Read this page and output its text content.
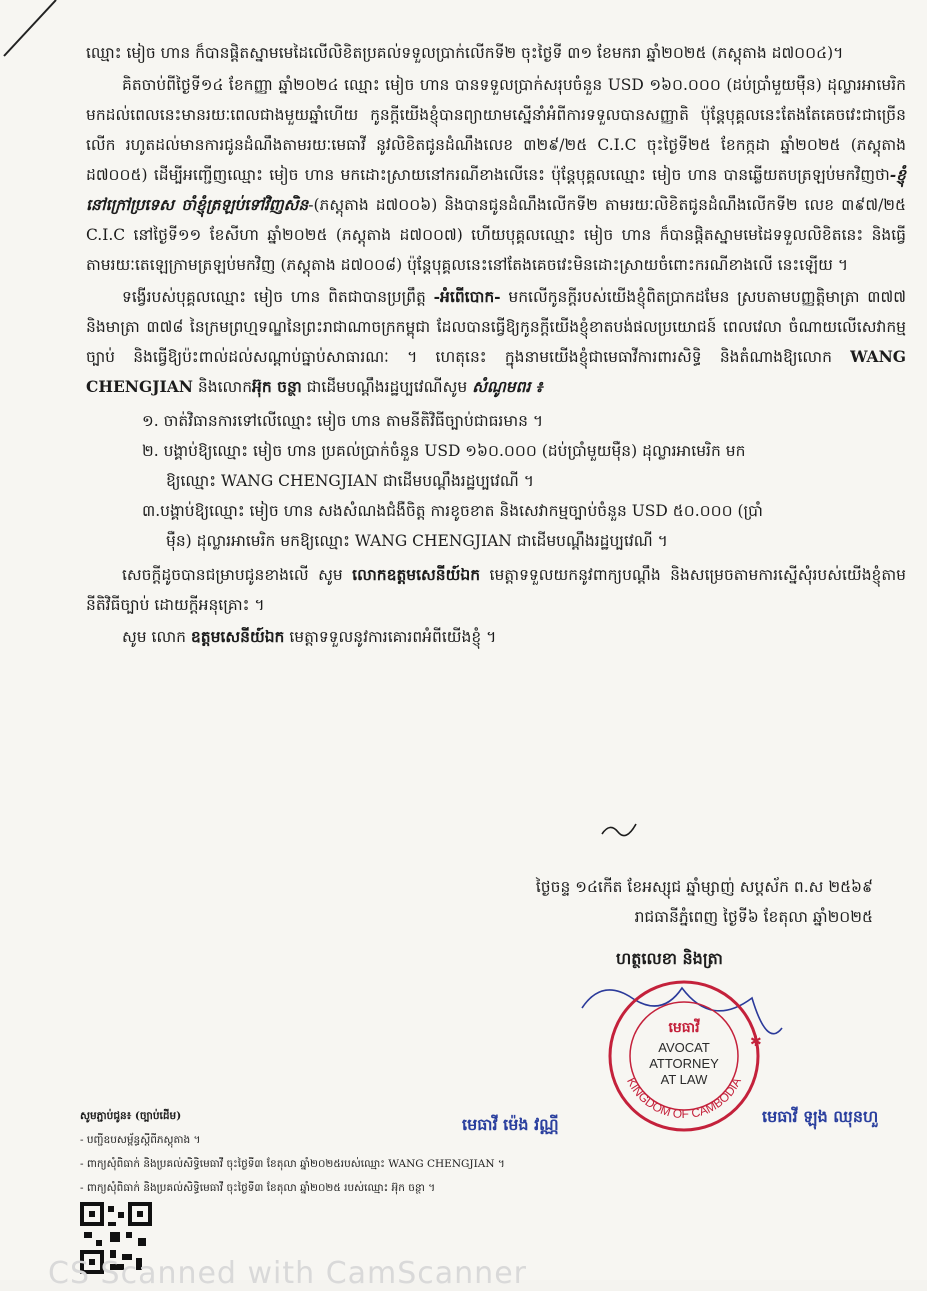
ឈ្មោះ មៀច ហាន ក៏បានផ្តិតស្នាមមេដៃលើលិខិតប្រគល់ទទួលប្រាក់លើកទី២ ចុះថ្ងៃទី ៣១ ខែមករា ឆ្នាំ២០២៥ (ភស្តុតាង ដ៧០០៤)។

គិតចាប់ពីថ្ងៃទី១៤ ខែកញ្ញា ឆ្នាំ២០២៤ ឈ្មោះ មៀច ហាន បានទទួលប្រាក់សរុបចំនួន USD ១៦០.០០០ (ដប់ប្រាំមួយម៉ឺន) ដុល្លារអាមេរិក មកដល់ពេលនេះមានរយៈពេលជាងមួយឆ្នាំហើយ កូនក្តីយើងខ្ញុំបានព្យាយាមស្នើនាំអំពីការទទួលបានសញ្ញាតិ ប៉ុន្តែបុគ្គលនេះតែងតែគេចវេះជាច្រើនលើក រហូតដល់មានការជូនដំណឹងតាមរយៈមេធាវី នូវលិខិតជូនដំណឹងលេខ ៣២៩/២៥ C.I.C ចុះថ្ងៃទី២៥ ខែកក្កដា ឆ្នាំ២០២៥ (ភស្តុតាង ដ៧០០៥) ដើម្បីអញ្ជើញឈ្មោះ មៀច ហាន មកដោះស្រាយនៅករណីខាងលើនេះ ប៉ុន្តែបុគ្គលឈ្មោះ មៀច ហាន បានឆ្លើយតបត្រឡប់មកវិញថា-ខ្ញុំនៅក្រៅប្រទេស ចាំខ្ញុំត្រឡប់ទៅវិញសិន-(ភស្តុតាង ដ៧០០៦) និងបានជូនដំណឹងលើកទី២ តាមរយៈលិខិតជូនដំណឹងលើកទី២ លេខ ៣៩៧/២៥ C.I.C នៅថ្ងៃទី១១ ខែសីហា ឆ្នាំ២០២៥ (ភស្តុតាង ដ៧០០៧) ហើយបុគ្គលឈ្មោះ មៀច ហាន ក៏បានផ្តិតស្នាមមេដៃទទួលលិខិតនេះ និងធ្វើតាមរយៈតេឡេក្រាមត្រឡប់មកវិញ (ភស្តុតាង ដ៧០០៨) ប៉ុន្តែបុគ្គលនេះនៅតែងគេចវេះមិនដោះស្រាយចំពោះករណីខាងលើ នេះឡើយ ។

ទង្វើរបស់បុគ្គលឈ្មោះ មៀច ហាន ពិតជាបានប្រព្រឹត្ត -អំពើបោក- មកលើកូនក្តីរបស់យើងខ្ញុំពិតប្រាកដមែន ស្របតាមបញ្ញត្តិមាត្រា ៣៧៧ និងមាត្រា ៣៧៨ នៃក្រមព្រហ្មទណ្ឌនៃព្រះរាជាណាចក្រកម្ពុជា ដែលបានធ្វើឱ្យកូនក្តីយើងខ្ញុំខាតបង់ផលប្រយោជន៍ ពេលវេលា ចំណាយលើសេវាកម្មច្បាប់ និងធ្វើឱ្យប៉ះពាល់ដល់សណ្តាប់ធ្នាប់សាធារណៈ ។ ហេតុនេះ ក្នុងនាមយើងខ្ញុំជាមេធាវីការពារសិទ្ធិ និងតំណាងឱ្យលោក WANG CHENGJIAN និងលោកអ៊ុក ចន្ថា ជាដើមបណ្តឹងរដ្ឋប្បវេណីសូម សំណូមពរ ៖

១. ចាត់វិធានការទៅលើឈ្មោះ មៀច ហាន តាមនីតិវិធីច្បាប់ជាធរមាន ។
២. បង្គាប់ឱ្យឈ្មោះ មៀច ហាន ប្រគល់ប្រាក់ចំនួន USD ១៦០.០០០ (ដប់ប្រាំមួយម៉ឺន) ដុល្លារអាមេរិក មក
ឱ្យឈ្មោះ WANG CHENGJIAN ជាដើមបណ្តឹងរដ្ឋប្បវេណី ។
៣.បង្គាប់ឱ្យឈ្មោះ មៀច ហាន សងសំណងជំងឺចិត្ត ការខូចខាត និងសេវាកម្មច្បាប់ចំនួន USD ៥០.០០០ (ប្រាំ
ម៉ឺន) ដុល្លារអាមេរិក មកឱ្យឈ្មោះ WANG CHENGJIAN ជាដើមបណ្តឹងរដ្ឋប្បវេណី ។

សេចក្តីដូចបានជម្រាបជូនខាងលើ សូម លោកឧត្តមសេនីយ៍ឯក មេត្តាទទួលយកនូវពាក្យបណ្តឹង និងសម្រេចតាមការស្នើសុំរបស់យើងខ្ញុំតាមនីតិវិធីច្បាប់ ដោយក្តីអនុគ្រោះ ។

សូម លោក ឧត្តមសេនីយ៍ឯក មេត្តាទទួលនូវការគោរពអំពីយើងខ្ញុំ ។

ថ្ងៃចន្ទ ១៤កើត ខែអស្សុជ ឆ្នាំម្សាញ់ សប្តស័ក ព.ស ២៥៦៩
រាជធានីភ្នំពេញ ថ្ងៃទី៦ ខែតុលា ឆ្នាំ២០២៥
ហត្ថលេខា និងត្រា
KINGDOM OF CAMBODIA
មេធាវី
AVOCAT
ATTORNEY
AT LAW
✱
មេធាវី ម៉េង វណ្ណី	មេធាវី ឡុង ឈុនហួ
សូមភ្ជាប់ជូន៖ (ច្បាប់ដើម)
- បញ្ជីឧបសម្ព័ន្ធស្តីពីភស្តុតាង ។
- ពាក្យសុំពិធាក់ និងប្រគល់សិទ្ធិមេធាវី ចុះថ្ងៃទី៣ ខែតុលា ឆ្នាំ២០២៥របស់ឈ្មោះ WANG CHENGJIAN ។
- ពាក្យសុំពិធាក់ និងប្រគល់សិទ្ធិមេធាវី ចុះថ្ងៃទី៣ ខែតុលា ឆ្នាំ២០២៥ របស់ឈ្មោះ អ៊ុក ចន្ថា ។
CS Scanned with CamScanner
